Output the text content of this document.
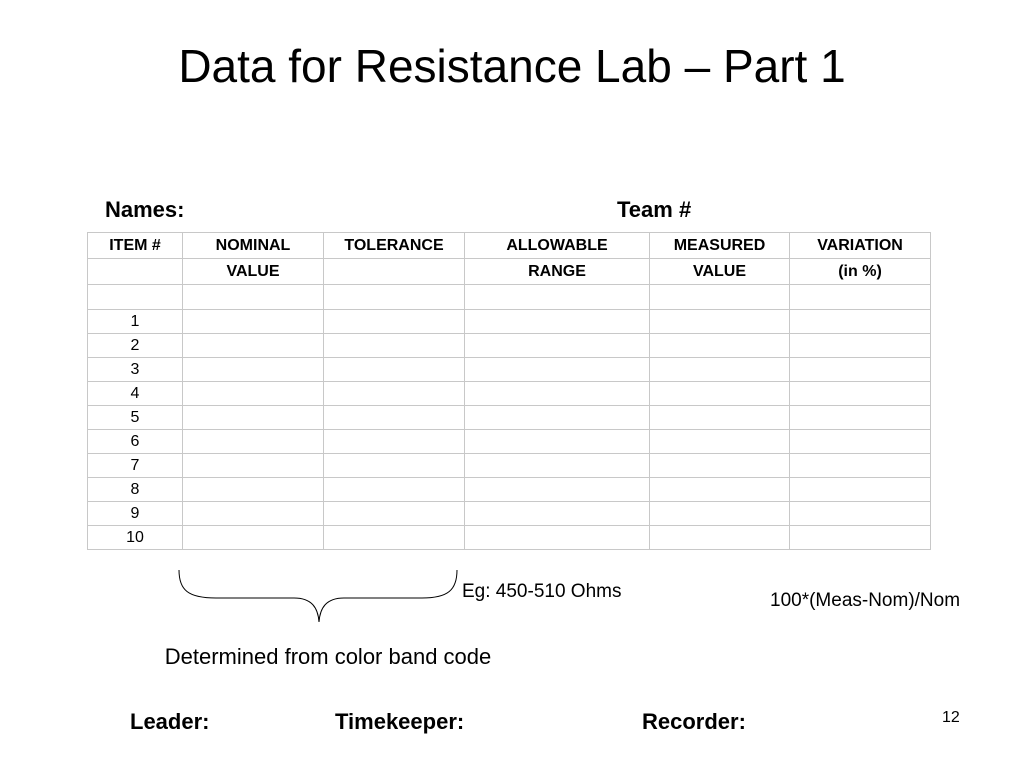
Data for Resistance Lab – Part 1
Names:	Team #
ITEM #	NOMINAL	TOLERANCE	ALLOWABLE	MEASURED	VARIATION
	VALUE		RANGE	VALUE	(in %)

1					
2					
3					
4					
5					
6					
7					
8					
9					
10					
Eg: 450-510 Ohms	100*(Meas-Nom)/Nom
Determined from color band code
Leader:	Timekeeper:	Recorder:	12
